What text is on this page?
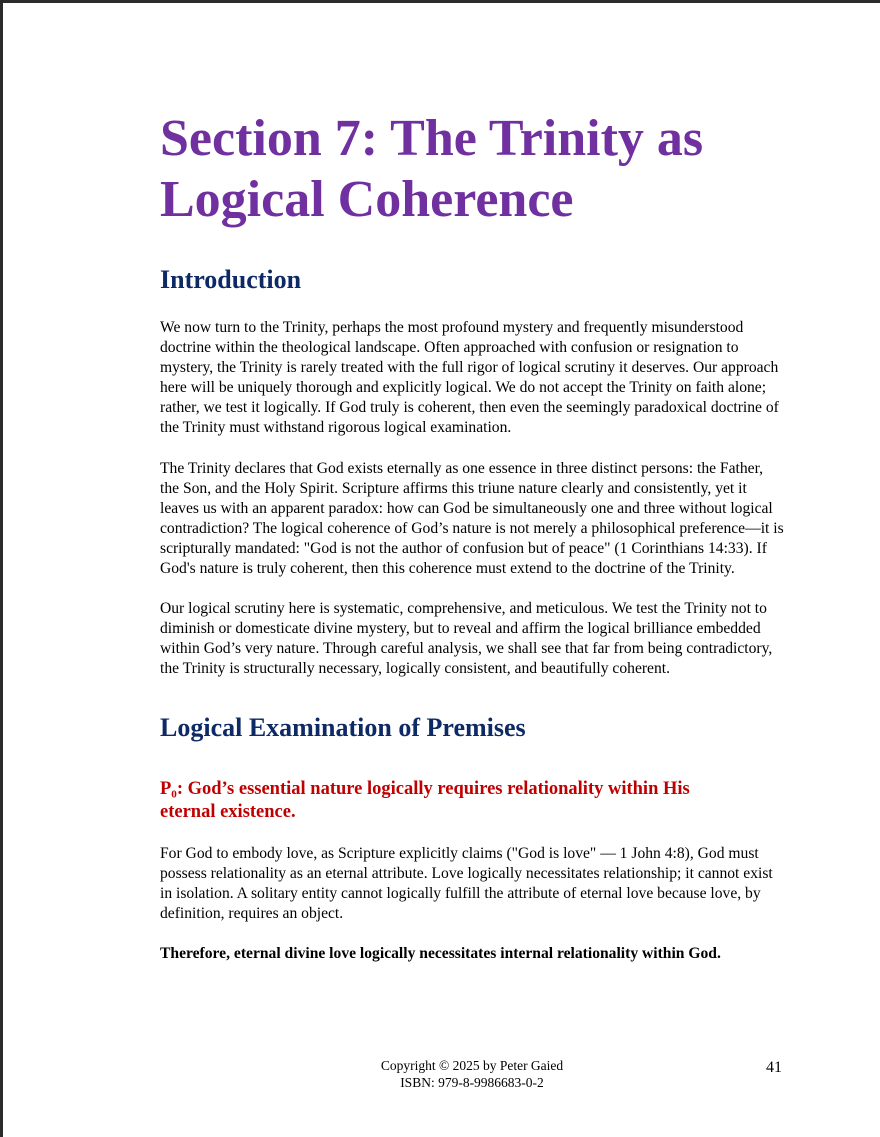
Section 7: The Trinity as
Logical Coherence
Introduction

We now turn to the Trinity, perhaps the most profound mystery and frequently misunderstood doctrine within the theological landscape. Often approached with confusion or resignation to mystery, the Trinity is rarely treated with the full rigor of logical scrutiny it deserves. Our approach here will be uniquely thorough and explicitly logical. We do not accept the Trinity on faith alone; rather, we test it logically. If God truly is coherent, then even the seemingly paradoxical doctrine of the Trinity must withstand rigorous logical examination.

The Trinity declares that God exists eternally as one essence in three distinct persons: the Father, the Son, and the Holy Spirit. Scripture affirms this triune nature clearly and consistently, yet it leaves us with an apparent paradox: how can God be simultaneously one and three without logical contradiction? The logical coherence of God’s nature is not merely a philosophical preference—it is scripturally mandated: "God is not the author of confusion but of peace" (1 Corinthians 14:33). If God's nature is truly coherent, then this coherence must extend to the doctrine of the Trinity.

Our logical scrutiny here is systematic, comprehensive, and meticulous. We test the Trinity not to diminish or domesticate divine mystery, but to reveal and affirm the logical brilliance embedded within God’s very nature. Through careful analysis, we shall see that far from being contradictory, the Trinity is structurally necessary, logically consistent, and beautifully coherent.

Logical Examination of Premises
P₀: God’s essential nature logically requires relationality within His
eternal existence.

For God to embody love, as Scripture explicitly claims ("God is love" — 1 John 4:8), God must possess relationality as an eternal attribute. Love logically necessitates relationship; it cannot exist in isolation. A solitary entity cannot logically fulfill the attribute of eternal love because love, by definition, requires an object.

Therefore, eternal divine love logically necessitates internal relationality within God.

Copyright © 2025 by Peter Gaied
ISBN: 979-8-9986683-0-2
41
